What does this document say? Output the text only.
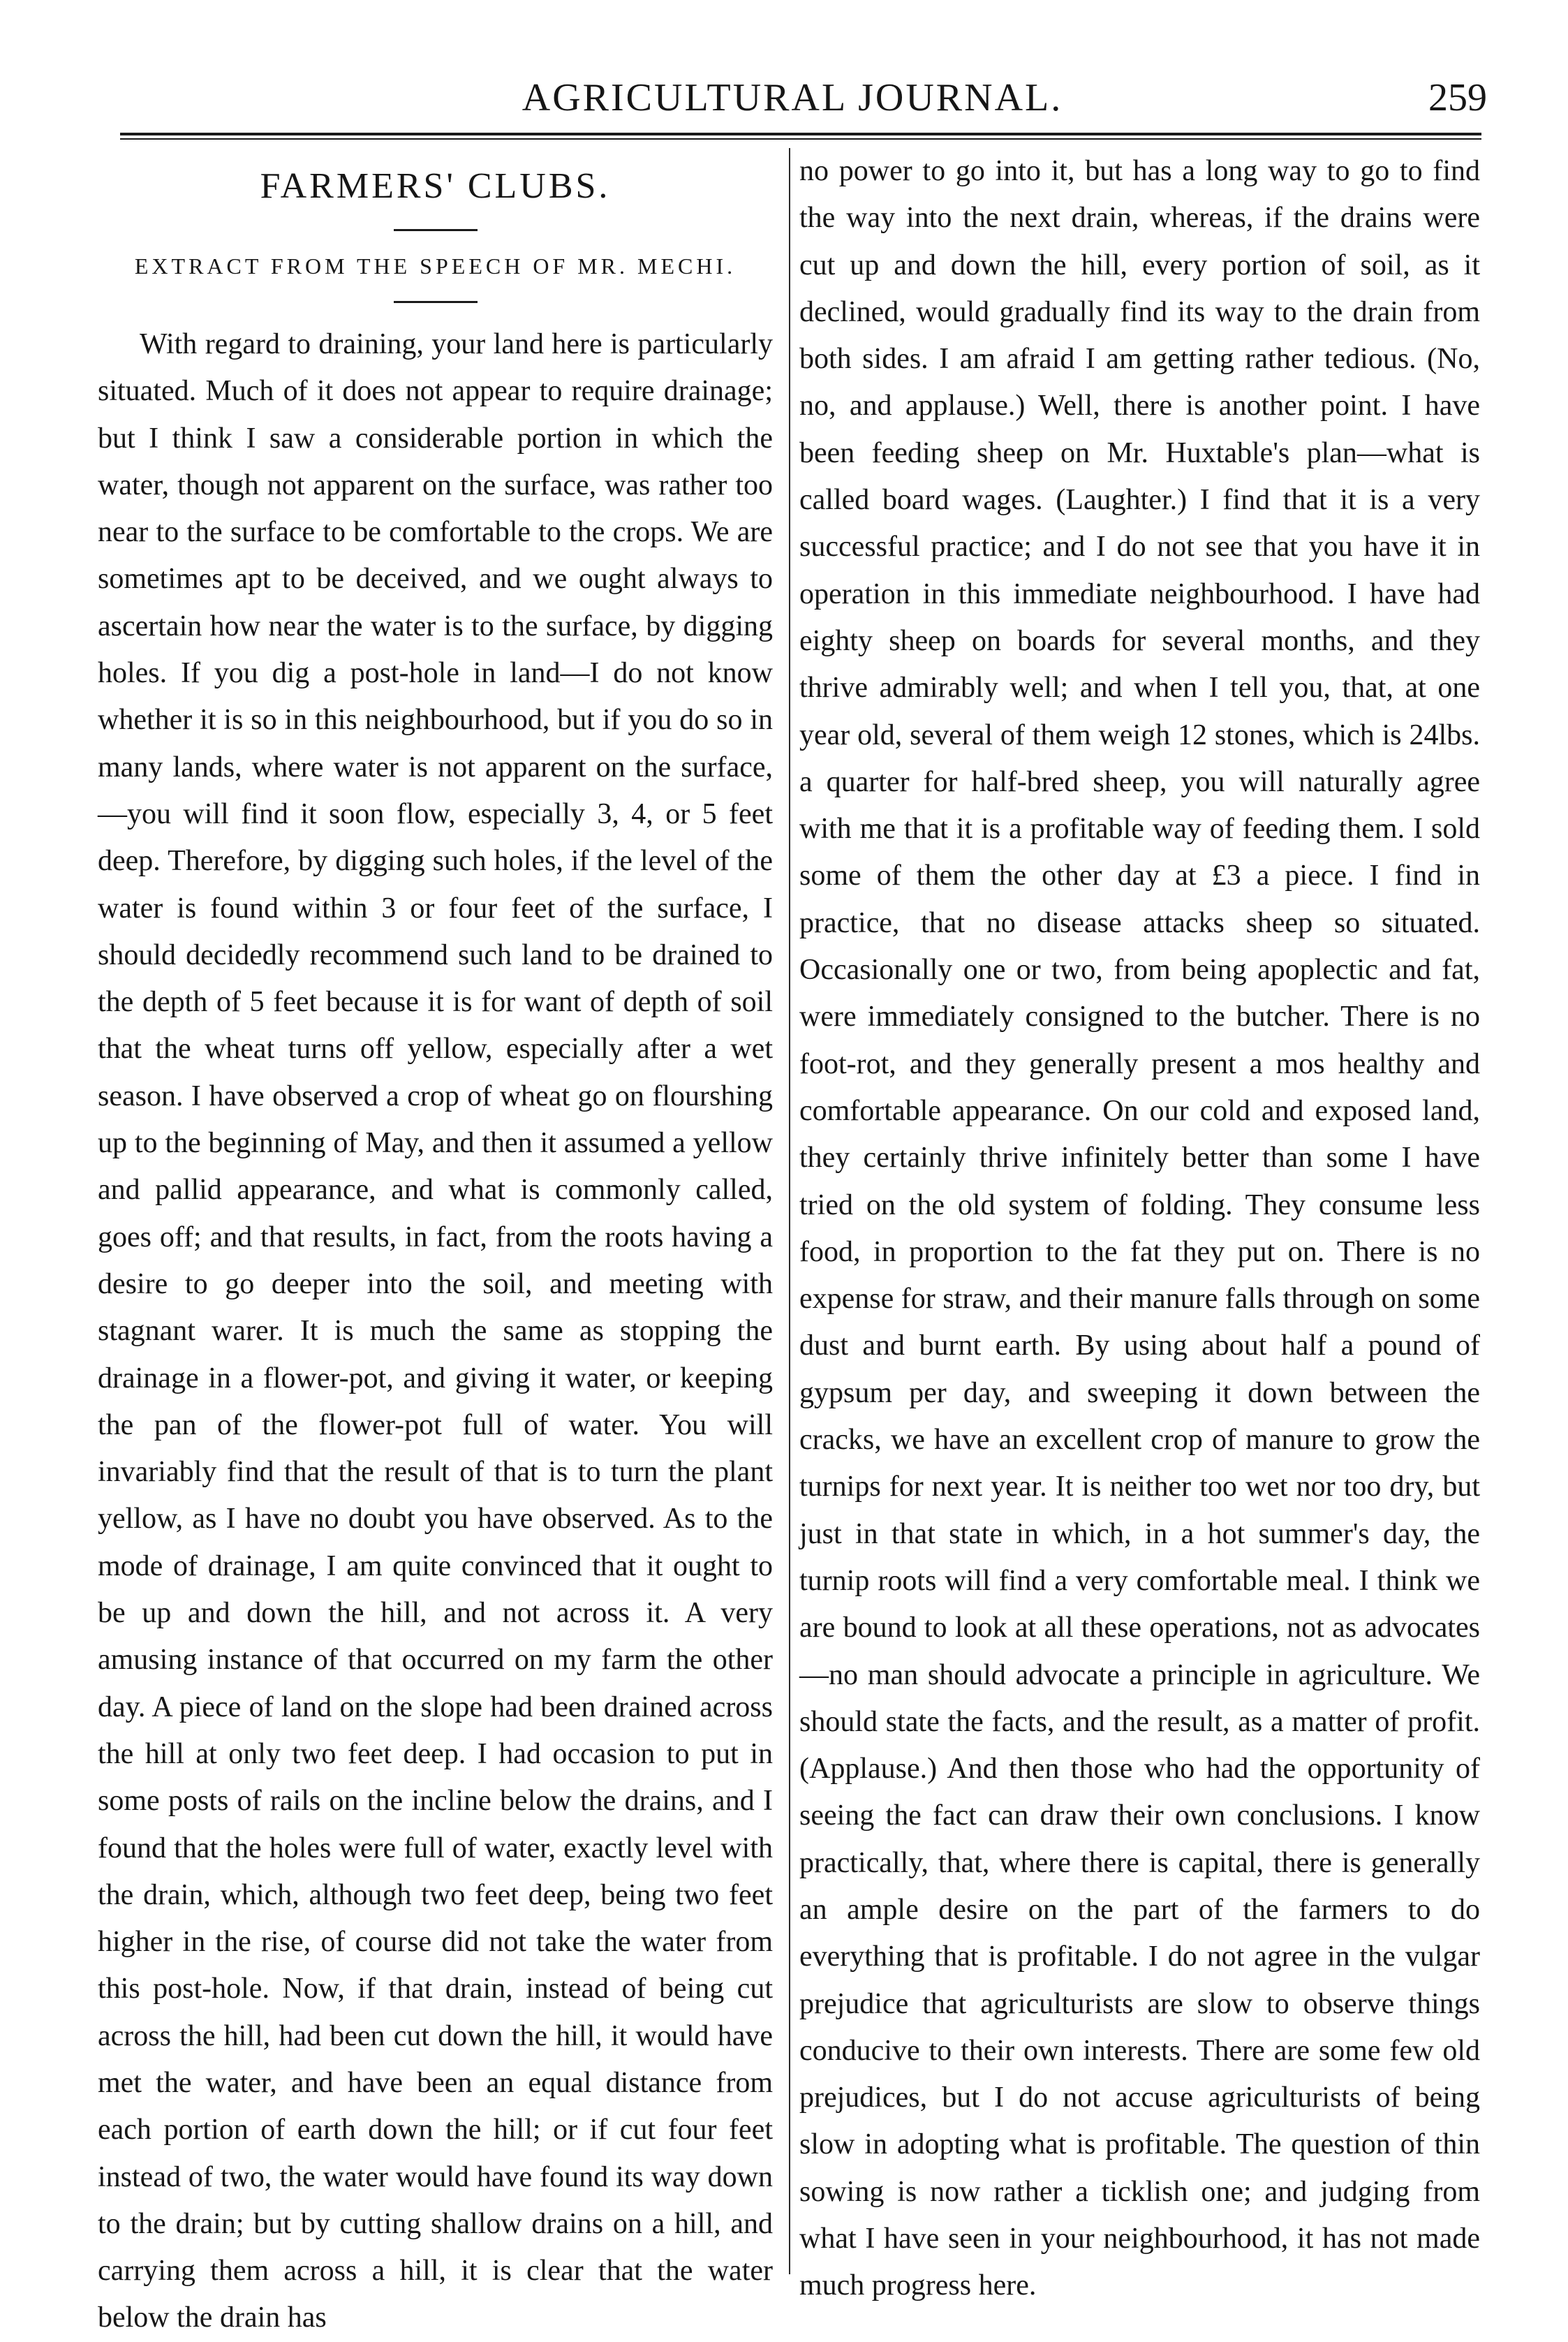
AGRICULTURAL JOURNAL.	259
FARMERS' CLUBS.

EXTRACT FROM THE SPEECH OF MR. MECHI.

With regard to draining, your land here is particularly situated. Much of it does not appear to require drainage; but I think I saw a considerable portion in which the water, though not apparent on the surface, was rather too near to the surface to be comfortable to the crops. We are sometimes apt to be deceived, and we ought always to ascertain how near the water is to the surface, by digging holes. If you dig a post-hole in land—I do not know whether it is so in this neighbourhood, but if you do so in many lands, where water is not apparent on the surface,—you will find it soon flow, especially 3, 4, or 5 feet deep. Therefore, by digging such holes, if the level of the water is found within 3 or four feet of the surface, I should decidedly recommend such land to be drained to the depth of 5 feet because it is for want of depth of soil that the wheat turns off yellow, especially after a wet season. I have observed a crop of wheat go on flourshing up to the beginning of May, and then it assumed a yellow and pallid appearance, and what is commonly called, goes off; and that results, in fact, from the roots having a desire to go deeper into the soil, and meeting with stagnant warer. It is much the same as stopping the drainage in a flower-pot, and giving it water, or keeping the pan of the flower-pot full of water. You will invariably find that the result of that is to turn the plant yellow, as I have no doubt you have observed. As to the mode of drainage, I am quite convinced that it ought to be up and down the hill, and not across it. A very amusing instance of that occurred on my farm the other day. A piece of land on the slope had been drained across the hill at only two feet deep. I had occasion to put in some posts of rails on the incline below the drains, and I found that the holes were full of water, exactly level with the drain, which, although two feet deep, being two feet higher in the rise, of course did not take the water from this post-hole. Now, if that drain, instead of being cut across the hill, had been cut down the hill, it would have met the water, and have been an equal distance from each portion of earth down the hill; or if cut four feet instead of two, the water would have found its way down to the drain; but by cutting shallow drains on a hill, and carrying them across a hill, it is clear that the water below the drain has

no power to go into it, but has a long way to go to find the way into the next drain, whereas, if the drains were cut up and down the hill, every portion of soil, as it declined, would gradually find its way to the drain from both sides. I am afraid I am getting rather tedious. (No, no, and applause.) Well, there is another point. I have been feeding sheep on Mr. Huxtable's plan—what is called board wages. (Laughter.) I find that it is a very successful practice; and I do not see that you have it in operation in this immediate neighbourhood. I have had eighty sheep on boards for several months, and they thrive admirably well; and when I tell you, that, at one year old, several of them weigh 12 stones, which is 24lbs. a quarter for half-bred sheep, you will naturally agree with me that it is a profitable way of feeding them. I sold some of them the other day at £3 a piece. I find in practice, that no disease attacks sheep so situated. Occasionally one or two, from being apoplectic and fat, were immediately consigned to the butcher. There is no foot-rot, and they generally present a mos healthy and comfortable appearance. On our cold and exposed land, they certainly thrive infinitely better than some I have tried on the old system of folding. They consume less food, in proportion to the fat they put on. There is no expense for straw, and their manure falls through on some dust and burnt earth. By using about half a pound of gypsum per day, and sweeping it down between the cracks, we have an excellent crop of manure to grow the turnips for next year. It is neither too wet nor too dry, but just in that state in which, in a hot summer's day, the turnip roots will find a very comfortable meal. I think we are bound to look at all these operations, not as advocates—no man should advocate a principle in agriculture. We should state the facts, and the result, as a matter of profit. (Applause.) And then those who had the opportunity of seeing the fact can draw their own conclusions. I know practically, that, where there is capital, there is generally an ample desire on the part of the farmers to do everything that is profitable. I do not agree in the vulgar prejudice that agriculturists are slow to observe things conducive to their own interests. There are some few old prejudices, but I do not accuse agriculturists of being slow in adopting what is profitable. The question of thin sowing is now rather a ticklish one; and judging from what I have seen in your neighbourhood, it has not made much progress here.
